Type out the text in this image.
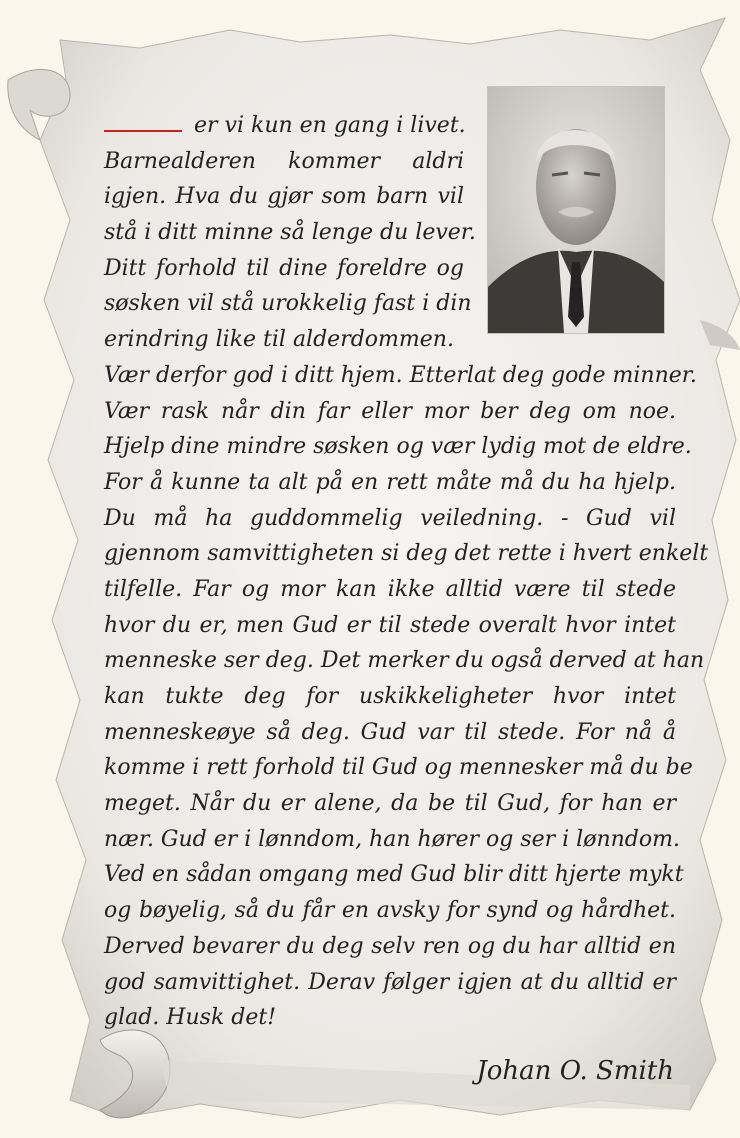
er vi kun en gang i livet.
Barnealderen kommer aldri
igjen. Hva du gjør som barn vil
stå i ditt minne så lenge du lever.
Ditt forhold til dine foreldre og
søsken vil stå urokkelig fast i din
erindring like til alderdommen.
Vær derfor god i ditt hjem. Etterlat deg gode minner.
Vær rask når din far eller mor ber deg om noe.
Hjelp dine mindre søsken og vær lydig mot de eldre.
For å kunne ta alt på en rett måte må du ha hjelp.
Du må ha guddommelig veiledning. - Gud vil
gjennom samvittigheten si deg det rette i hvert enkelt
tilfelle. Far og mor kan ikke alltid være til stede
hvor du er, men Gud er til stede overalt hvor intet
menneske ser deg. Det merker du også derved at han
kan tukte deg for uskikkeligheter hvor intet
menneskeøye så deg. Gud var til stede. For nå å
komme i rett forhold til Gud og mennesker må du be
meget. Når du er alene, da be til Gud, for han er
nær. Gud er i lønndom, han hører og ser i lønndom.
Ved en sådan omgang med Gud blir ditt hjerte mykt
og bøyelig, så du får en avsky for synd og hårdhet.
Derved bevarer du deg selv ren og du har alltid en
god samvittighet. Derav følger igjen at du alltid er
glad. Husk det!
Johan O. Smith
